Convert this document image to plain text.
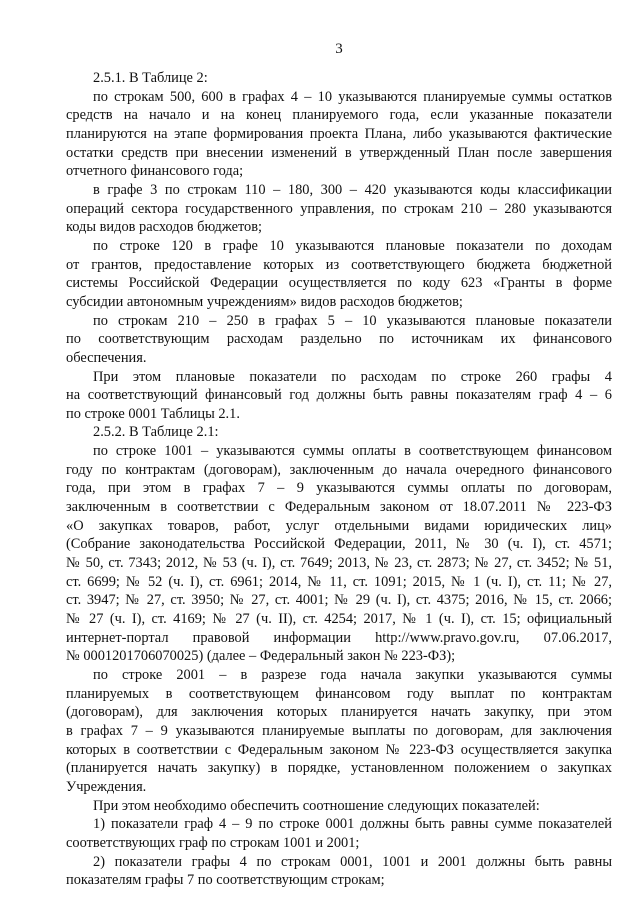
3
2.5.1. В Таблице 2:
по строкам 500, 600 в графах 4 – 10 указываются планируемые суммы остатков
средств на начало и на конец планируемого года, если указанные показатели
планируются на этапе формирования проекта Плана, либо указываются фактические
остатки средств при внесении изменений в утвержденный План после завершения
отчетного финансового года;
в графе 3 по строкам 110 – 180, 300 – 420 указываются коды классификации
операций сектора государственного управления, по строкам 210 – 280 указываются
коды видов расходов бюджетов;
по строке 120 в графе 10 указываются плановые показатели по доходам
от грантов, предоставление которых из соответствующего бюджета бюджетной
системы Российской Федерации осуществляется по коду 623 «Гранты в форме
субсидии автономным учреждениям» видов расходов бюджетов;
по строкам 210 – 250 в графах 5 – 10 указываются плановые показатели
по соответствующим расходам раздельно по источникам их финансового
обеспечения.
При этом плановые показатели по расходам по строке 260 графы 4
на соответствующий финансовый год должны быть равны показателям граф 4 – 6
по строке 0001 Таблицы 2.1.
2.5.2. В Таблице 2.1:
по строке 1001 – указываются суммы оплаты в соответствующем финансовом
году по контрактам (договорам), заключенным до начала очередного финансового
года, при этом в графах 7 – 9 указываются суммы оплаты по договорам,
заключенным в соответствии с Федеральным законом от 18.07.2011 № 223-ФЗ
«О закупках товаров, работ, услуг отдельными видами юридических лиц»
(Собрание законодательства Российской Федерации, 2011, № 30 (ч. I), ст. 4571;
№ 50, ст. 7343; 2012, № 53 (ч. I), ст. 7649; 2013, № 23, ст. 2873; № 27, ст. 3452; № 51,
ст. 6699; № 52 (ч. I), ст. 6961; 2014, № 11, ст. 1091; 2015, № 1 (ч. I), ст. 11; № 27,
ст. 3947; № 27, ст. 3950; № 27, ст. 4001; № 29 (ч. I), ст. 4375; 2016, № 15, ст. 2066;
№ 27 (ч. I), ст. 4169; № 27 (ч. II), ст. 4254; 2017, № 1 (ч. I), ст. 15; официальный
интернет-портал правовой информации http://www.pravo.gov.ru, 07.06.2017,
№ 0001201706070025) (далее – Федеральный закон № 223-ФЗ);
по строке 2001 – в разрезе года начала закупки указываются суммы
планируемых в соответствующем финансовом году выплат по контрактам
(договорам), для заключения которых планируется начать закупку, при этом
в графах 7 – 9 указываются планируемые выплаты по договорам, для заключения
которых в соответствии с Федеральным законом № 223-ФЗ осуществляется закупка
(планируется начать закупку) в порядке, установленном положением о закупках
Учреждения.
При этом необходимо обеспечить соотношение следующих показателей:
1) показатели граф 4 – 9 по строке 0001 должны быть равны сумме показателей
соответствующих граф по строкам 1001 и 2001;
2) показатели графы 4 по строкам 0001, 1001 и 2001 должны быть равны
показателям графы 7 по соответствующим строкам;
